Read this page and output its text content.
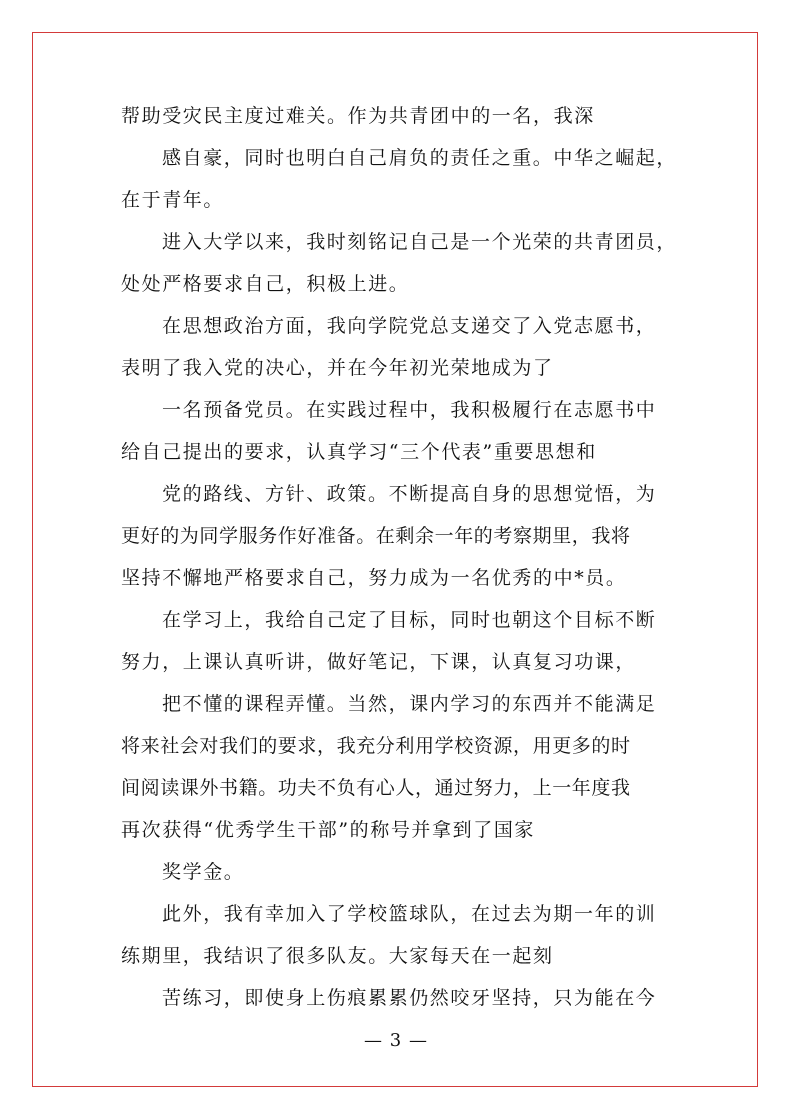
帮助受灾民主度过难关。作为共青团中的一名，我深
感自豪，同时也明白自己肩负的责任之重。中华之崛起，
在于青年。
进入大学以来，我时刻铭记自己是一个光荣的共青团员，
处处严格要求自己，积极上进。
在思想政治方面，我向学院党总支递交了入党志愿书，
表明了我入党的决心，并在今年初光荣地成为了
一名预备党员。在实践过程中，我积极履行在志愿书中
给自己提出的要求，认真学习“三个代表”重要思想和
党的路线、方针、政策。不断提高自身的思想觉悟，为
更好的为同学服务作好准备。在剩余一年的考察期里，我将
坚持不懈地严格要求自己，努力成为一名优秀的中*员。
在学习上，我给自己定了目标，同时也朝这个目标不断
努力，上课认真听讲，做好笔记，下课，认真复习功课，
把不懂的课程弄懂。当然，课内学习的东西并不能满足
将来社会对我们的要求，我充分利用学校资源，用更多的时
间阅读课外书籍。功夫不负有心人，通过努力，上一年度我
再次获得“优秀学生干部”的称号并拿到了国家
奖学金。
此外，我有幸加入了学校篮球队，在过去为期一年的训
练期里，我结识了很多队友。大家每天在一起刻
苦练习，即使身上伤痕累累仍然咬牙坚持，只为能在今
— 3 —
